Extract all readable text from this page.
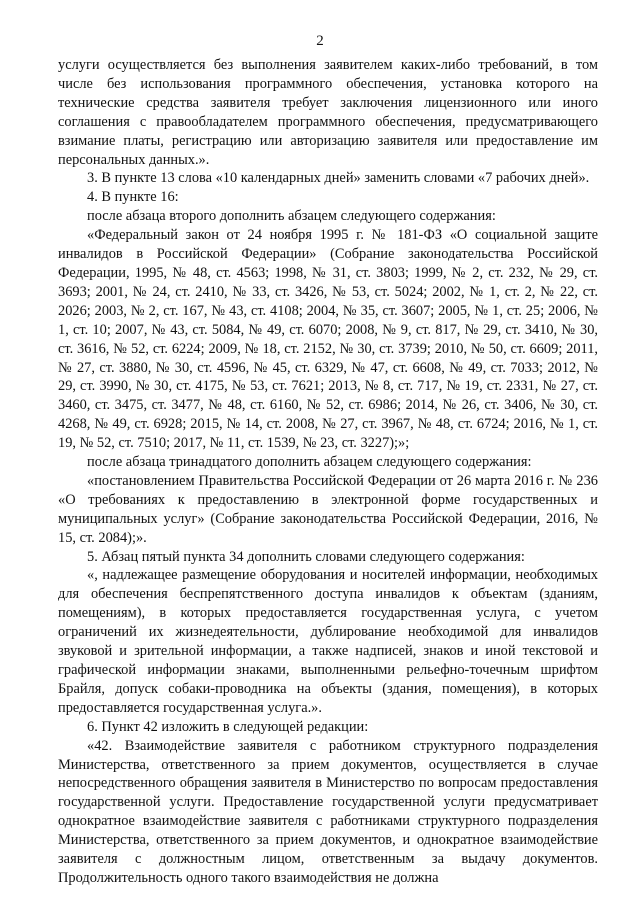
2

услуги осуществляется без выполнения заявителем каких-либо требований, в том числе без использования программного обеспечения, установка которого на технические средства заявителя требует заключения лицензионного или иного соглашения с правообладателем программного обеспечения, предусматривающего взимание платы, регистрацию или авторизацию заявителя или предоставление им персональных данных.».

3. В пункте 13 слова «10 календарных дней» заменить словами «7 рабочих дней».

4. В пункте 16:

после абзаца второго дополнить абзацем следующего содержания:

«Федеральный закон от 24 ноября 1995 г. № 181-ФЗ «О социальной защите инвалидов в Российской Федерации» (Собрание законодательства Российской Федерации, 1995, № 48, ст. 4563; 1998, № 31, ст. 3803; 1999, № 2, ст. 232, № 29, ст. 3693; 2001, № 24, ст. 2410, № 33, ст. 3426, № 53, ст. 5024; 2002, № 1, ст. 2, № 22, ст. 2026; 2003, № 2, ст. 167, № 43, ст. 4108; 2004, № 35, ст. 3607; 2005, № 1, ст. 25; 2006, № 1, ст. 10; 2007, № 43, ст. 5084, № 49, ст. 6070; 2008, № 9, ст. 817, № 29, ст. 3410, № 30, ст. 3616, № 52, ст. 6224; 2009, № 18, ст. 2152, № 30, ст. 3739; 2010, № 50, ст. 6609; 2011, № 27, ст. 3880, № 30, ст. 4596, № 45, ст. 6329, № 47, ст. 6608, № 49, ст. 7033; 2012, № 29, ст. 3990, № 30, ст. 4175, № 53, ст. 7621; 2013, № 8, ст. 717, № 19, ст. 2331, № 27, ст. 3460, ст. 3475, ст. 3477, № 48, ст. 6160, № 52, ст. 6986; 2014, № 26, ст. 3406, № 30, ст. 4268, № 49, ст. 6928; 2015, № 14, ст. 2008, № 27, ст. 3967, № 48, ст. 6724; 2016, № 1, ст. 19, № 52, ст. 7510; 2017, № 11, ст. 1539, № 23, ст. 3227);»;

после абзаца тринадцатого дополнить абзацем следующего содержания:

«постановлением Правительства Российской Федерации от 26 марта 2016 г. № 236 «О требованиях к предоставлению в электронной форме государственных и муниципальных услуг» (Собрание законодательства Российской Федерации, 2016, № 15, ст. 2084);».

5. Абзац пятый пункта 34 дополнить словами следующего содержания:

«, надлежащее размещение оборудования и носителей информации, необходимых для обеспечения беспрепятственного доступа инвалидов к объектам (зданиям, помещениям), в которых предоставляется государственная услуга, с учетом ограничений их жизнедеятельности, дублирование необходимой для инвалидов звуковой и зрительной информации, а также надписей, знаков и иной текстовой и графической информации знаками, выполненными рельефно-точечным шрифтом Брайля, допуск собаки-проводника на объекты (здания, помещения), в которых предоставляется государственная услуга.».

6. Пункт 42 изложить в следующей редакции:

«42. Взаимодействие заявителя с работником структурного подразделения Министерства, ответственного за прием документов, осуществляется в случае непосредственного обращения заявителя в Министерство по вопросам предоставления государственной услуги. Предоставление государственной услуги предусматривает однократное взаимодействие заявителя с работниками структурного подразделения Министерства, ответственного за прием документов, и однократное взаимодействие заявителя с должностным лицом, ответственным за выдачу документов. Продолжительность одного такого взаимодействия не должна
